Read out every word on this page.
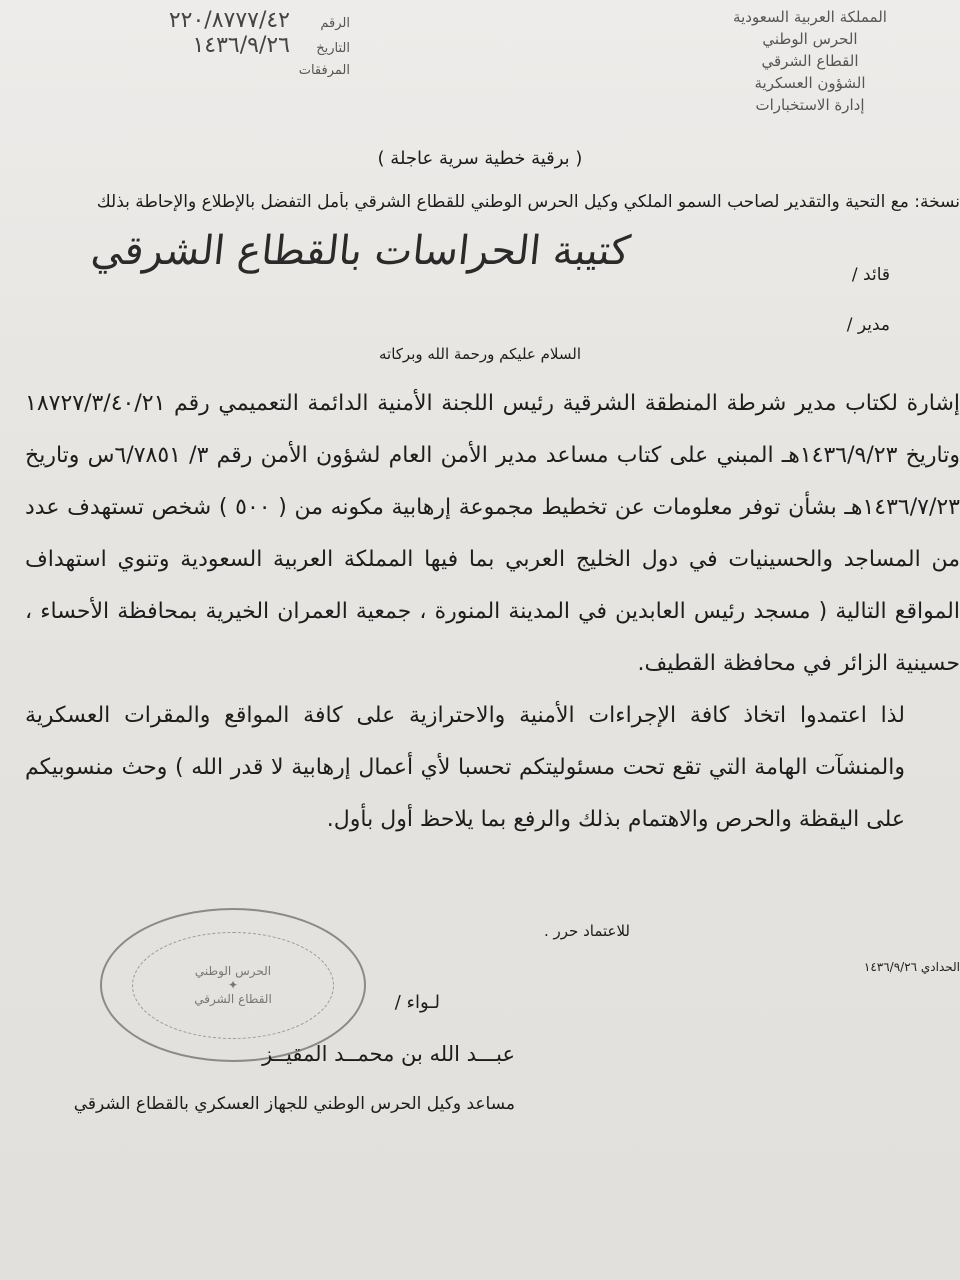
المملكة العربية السعودية
الحرس الوطني
القطاع الشرقي
الشؤون العسكرية
إدارة الاستخبارات
الرقم
٢٢٠/٨٧٧٧/٤٢
التاريخ
١٤٣٦/٩/٢٦
المرفقات
( برقية خطية سرية عاجلة )
نسخة: مع التحية والتقدير لصاحب السمو الملكي وكيل الحرس الوطني للقطاع الشرقي بأمل التفضل بالإطلاع والإحاطة بذلك
كتيبة الحراسات بالقطاع الشرقي
قائد /
مدير /
السلام عليكم ورحمة الله وبركاته

إشارة لكتاب مدير شرطة المنطقة الشرقية رئيس اللجنة الأمنية الدائمة التعميمي رقم ١٨٧٢٧/٣/٤٠/٢١ وتاريخ ١٤٣٦/٩/٢٣هـ المبني على كتاب مساعد مدير الأمن العام لشؤون الأمن رقم ٣/ ٦/٧٨٥١س وتاريخ ١٤٣٦/٧/٢٣هـ بشأن توفر معلومات عن تخطيط مجموعة إرهابية مكونه من ( ٥٠٠ ) شخص تستهدف عدد من المساجد والحسينيات في دول الخليج العربي بما فيها المملكة العربية السعودية وتنوي استهداف المواقع التالية ( مسجد رئيس العابدين في المدينة المنورة ، جمعية العمران الخيرية بمحافظة الأحساء ، حسينية الزائر في محافظة القطيف.

لذا اعتمدوا اتخاذ كافة الإجراءات الأمنية والاحترازية على كافة المواقع والمقرات العسكرية والمنشآت الهامة التي تقع تحت مسئوليتكم تحسبا لأي أعمال إرهابية لا قدر الله ) وحث منسوبيكم على اليقظة والحرص والاهتمام بذلك والرفع بما يلاحظ أول بأول.

للاعتماد حرر .
الحدادي ١٤٣٦/٩/٢٦
الحرس الوطني
✦
القطاع الشرقي	لـواء /
عبـــد الله بن محمــد المقيــز
مساعد وكيل الحرس الوطني للجهاز العسكري بالقطاع الشرقي
